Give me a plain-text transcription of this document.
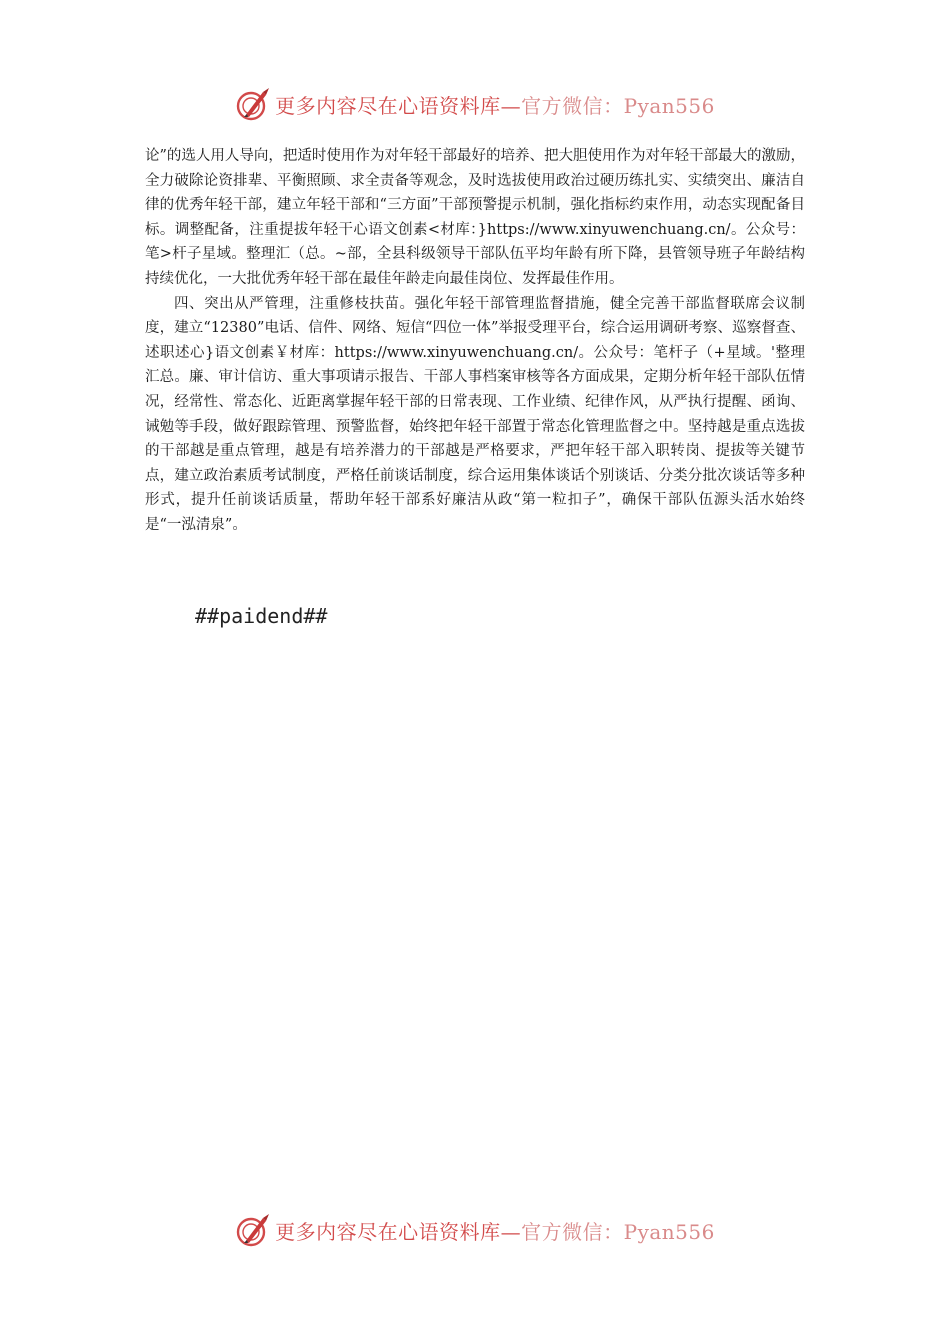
更多内容尽在心语资料库—官方微信：Pyan556

论”的选人用人导向，把适时使用作为对年轻干部最好的培养、把大胆使用作为对年轻干部最大的激励，全力破除论资排辈、平衡照顾、求全责备等观念，及时选拔使用政治过硬历练扎实、实绩突出、廉洁自律的优秀年轻干部，建立年轻干部和“三方面”干部预警提示机制，强化指标约束作用，动态实现配备目标。调整配备，注重提拔年轻干心语文创素<材库：}https://www.xinyuwenchuang.cn/。公众号：笔>杆子星域。整理汇（总。~部，全县科级领导干部队伍平均年龄有所下降，县管领导班子年龄结构持续优化，一大批优秀年轻干部在最佳年龄走向最佳岗位、发挥最佳作用。

四、突出从严管理，注重修枝扶苗。强化年轻干部管理监督措施，健全完善干部监督联席会议制度，建立“12380”电话、信件、网络、短信“四位一体”举报受理平台，综合运用调研考察、巡察督查、述职述心}语文创素￥材库：https://www.xinyuwenchuang.cn/。公众号：笔杆子（+星域。'整理汇总。廉、审计信访、重大事项请示报告、干部人事档案审核等各方面成果，定期分析年轻干部队伍情况，经常性、常态化、近距离掌握年轻干部的日常表现、工作业绩、纪律作风，从严执行提醒、函询、诫勉等手段，做好跟踪管理、预警监督，始终把年轻干部置于常态化管理监督之中。坚持越是重点选拔的干部越是重点管理，越是有培养潜力的干部越是严格要求，严把年轻干部入职转岗、提拔等关键节点，建立政治素质考试制度，严格任前谈话制度，综合运用集体谈话个别谈话、分类分批次谈话等多种形式，提升任前谈话质量，帮助年轻干部系好廉洁从政“第一粒扣子”，确保干部队伍源头活水始终是“一泓清泉”。

##paidend##
更多内容尽在心语资料库—官方微信：Pyan556
